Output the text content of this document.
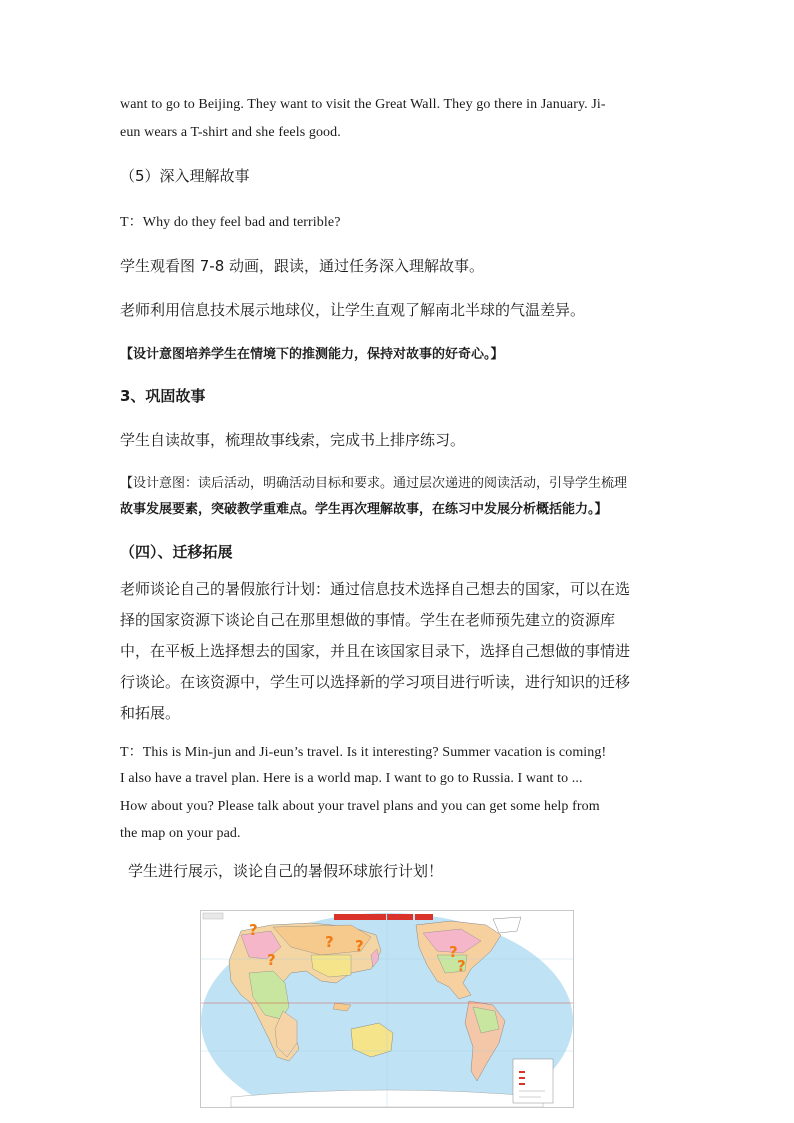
want to go to Beijing. They want to visit the Great Wall. They go there in January. Ji-
eun wears a T-shirt and she feels good.
（5）深入理解故事
T：Why do they feel bad and terrible?
学生观看图 7-8 动画，跟读，通过任务深入理解故事。
老师利用信息技术展示地球仪，让学生直观了解南北半球的气温差异。
【设计意图培养学生在情境下的推测能力，保持对故事的好奇心。】
3、巩固故事
学生自读故事，梳理故事线索，完成书上排序练习。
【设计意图：读后活动，明确活动目标和要求。通过层次递进的阅读活动，引导学生梳理
故事发展要素，突破教学重难点。学生再次理解故事，在练习中发展分析概括能力。】
（四）、迁移拓展
老师谈论自己的暑假旅行计划：通过信息技术选择自己想去的国家，可以在选
择的国家资源下谈论自己在那里想做的事情。学生在老师预先建立的资源库
中，在平板上选择想去的国家，并且在该国家目录下，选择自己想做的事情进
行谈论。在该资源中，学生可以选择新的学习项目进行听读，进行知识的迁移
和拓展。
T：This is Min-jun and Ji-eun’s travel. Is it interesting? Summer vacation is coming!
I also have a travel plan. Here is a world map. I want to go to Russia. I want to ...
How about you? Please talk about your travel plans and you can get some help from
the map on your pad.
学生进行展示，谈论自己的暑假环球旅行计划！
?
?
?
?	?
?
